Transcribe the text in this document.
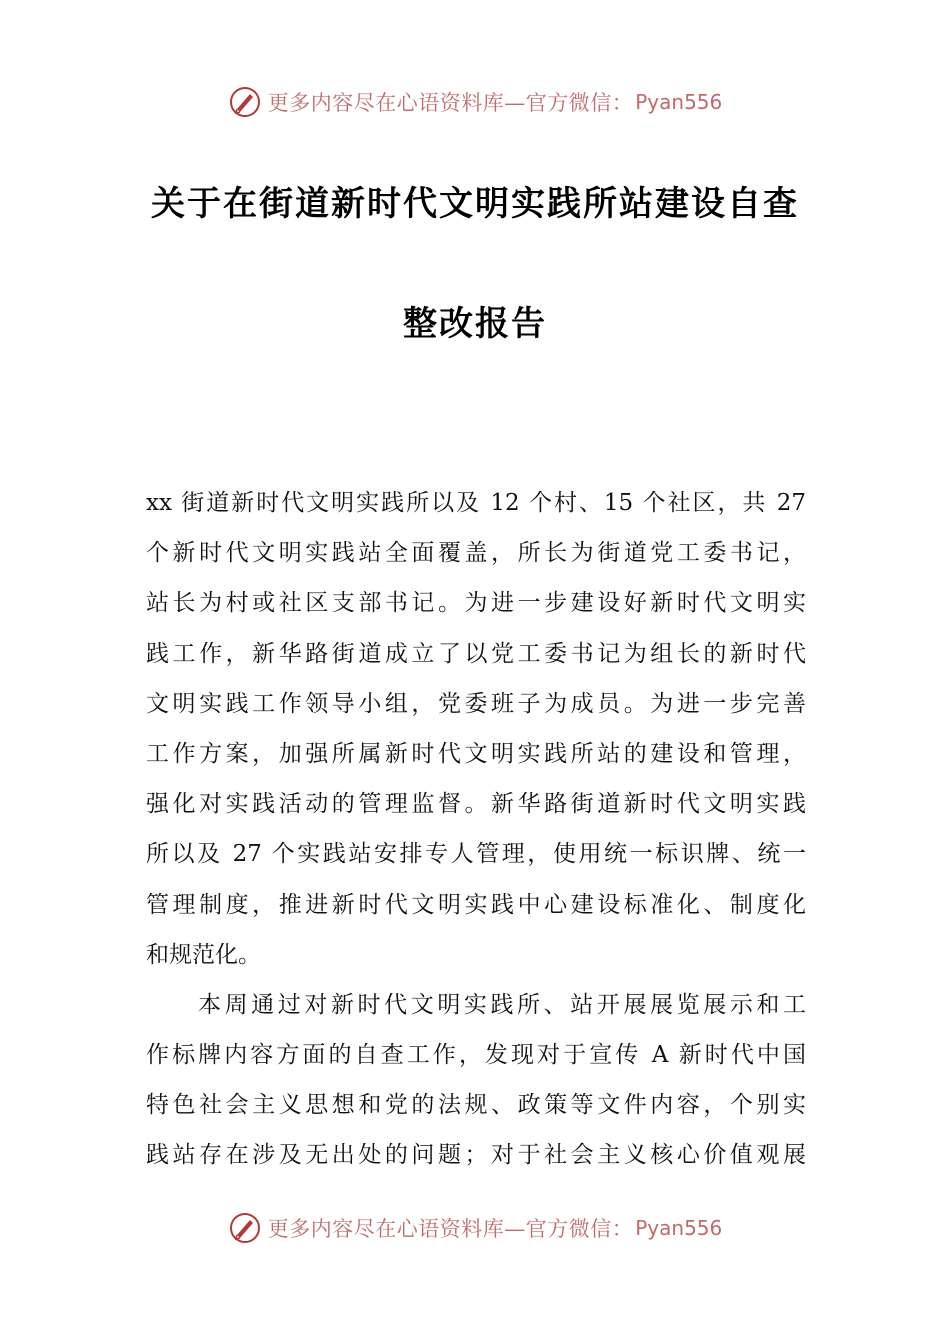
更多内容尽在心语资料库—官方微信： Pyan556
关于在街道新时代文明实践所站建设自查
整改报告
xx 街道新时代文明实践所以及 12 个村、15 个社区，共 27
个新时代文明实践站全面覆盖，所长为街道党工委书记，
站长为村或社区支部书记。为进一步建设好新时代文明实
践工作，新华路街道成立了以党工委书记为组长的新时代
文明实践工作领导小组，党委班子为成员。为进一步完善
工作方案，加强所属新时代文明实践所站的建设和管理，
强化对实践活动的管理监督。新华路街道新时代文明实践
所以及 27 个实践站安排专人管理，使用统一标识牌、统一
管理制度，推进新时代文明实践中心建设标准化、制度化
和规范化。
本周通过对新时代文明实践所、站开展展览展示和工
作标牌内容方面的自查工作，发现对于宣传 A 新时代中国
特色社会主义思想和党的法规、政策等文件内容，个别实
践站存在涉及无出处的问题；对于社会主义核心价值观展
更多内容尽在心语资料库—官方微信： Pyan556
